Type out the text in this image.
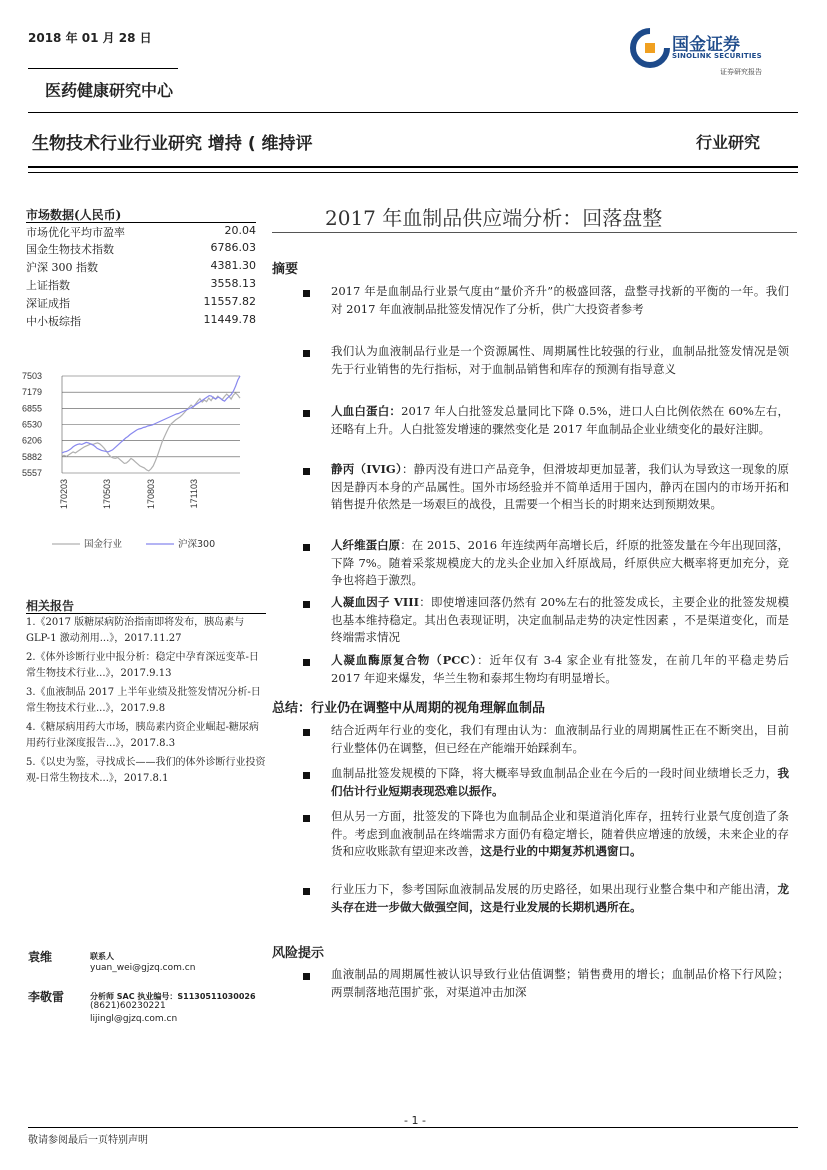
2018 年 01 月 28 日	国金证券
SINOLINK SECURITIES
证券研究报告
医药健康研究中心
生物技术行业行业研究 增持 ( 维持评	行业研究
2017 年血制品供应端分析：回落盘整
市场数据(人民币)
市场优化平均市盈率	20.04
国金生物技术指数	6786.03
沪深 300 指数	4381.30
上证指数	3558.13
深证成指	11557.82
中小板综指	11449.78
7503
7179
6855
6530
6206
5882
5557
170203	170503	170803	171103
国金行业	沪深300
相关报告
1.《2017 版糖尿病防治指南即将发布，胰岛素与 GLP-1 激动剂用...》，2017.11.27
2.《体外诊断行业中报分析：稳定中孕育深远变革-日常生物技术行业...》，2017.9.13
3.《血液制品 2017 上半年业绩及批签发情况分析-日常生物技术行业...》，2017.9.8
4.《糖尿病用药大市场，胰岛素内资企业崛起-糖尿病用药行业深度报告...》，2017.8.3
5.《以史为鉴，寻找成长——我们的体外诊断行业投资观-日常生物技术...》，2017.8.1
袁维	联系人
yuan_wei@gjzq.com.cn
李敬雷	分析师 SAC 执业编号：S1130511030026
(8621)60230221
lijingl@gjzq.com.cn
摘要
2017 年是血制品行业景气度由“量价齐升”的极盛回落，盘整寻找新的平衡的一年。我们对 2017 年血液制品批签发情况作了分析，供广大投资者参考
我们认为血液制品行业是一个资源属性、周期属性比较强的行业，血制品批签发情况是领先于行业销售的先行指标，对于血制品销售和库存的预测有指导意义
人血白蛋白：2017 年人白批签发总量同比下降 0.5%，进口人白比例依然在 60%左右，还略有上升。人白批签发增速的骤然变化是 2017 年血制品企业业绩变化的最好注脚。
静丙（IVIG）：静丙没有进口产品竞争，但滑坡却更加显著，我们认为导致这一现象的原因是静丙本身的产品属性。国外市场经验并不简单适用于国内，静丙在国内的市场开拓和销售提升依然是一场艰巨的战役，且需要一个相当长的时期来达到预期效果。
人纤维蛋白原：在 2015、2016 年连续两年高增长后，纤原的批签发量在今年出现回落，下降 7%。随着采浆规模庞大的龙头企业加入纤原战局，纤原供应大概率将更加充分，竞争也将趋于激烈。
人凝血因子 VIII：即使增速回落仍然有 20%左右的批签发成长，主要企业的批签发规模也基本维持稳定。其出色表现证明，决定血制品走势的决定性因素 ，不是渠道变化，而是终端需求情况
人凝血酶原复合物（PCC）：近年仅有 3-4 家企业有批签发，在前几年的平稳走势后 2017 年迎来爆发，华兰生物和泰邦生物均有明显增长。
总结：行业仍在调整中从周期的视角理解血制品
结合近两年行业的变化，我们有理由认为：血液制品行业的周期属性正在不断突出，目前行业整体仍在调整，但已经在产能端开始踩刹车。
血制品批签发规模的下降，将大概率导致血制品企业在今后的一段时间业绩增长乏力，我们估计行业短期表现恐难以振作。
但从另一方面，批签发的下降也为血制品企业和渠道消化库存，扭转行业景气度创造了条件。考虑到血液制品在终端需求方面仍有稳定增长，随着供应增速的放缓，未来企业的存货和应收账款有望迎来改善，这是行业的中期复苏机遇窗口。
行业压力下，参考国际血液制品发展的历史路径，如果出现行业整合集中和产能出清，龙头存在进一步做大做强空间，这是行业发展的长期机遇所在。
风险提示
血液制品的周期属性被认识导致行业估值调整；销售费用的增长；血制品价格下行风险；两票制落地范围扩张，对渠道冲击加深
- 1 -
敬请参阅最后一页特别声明
